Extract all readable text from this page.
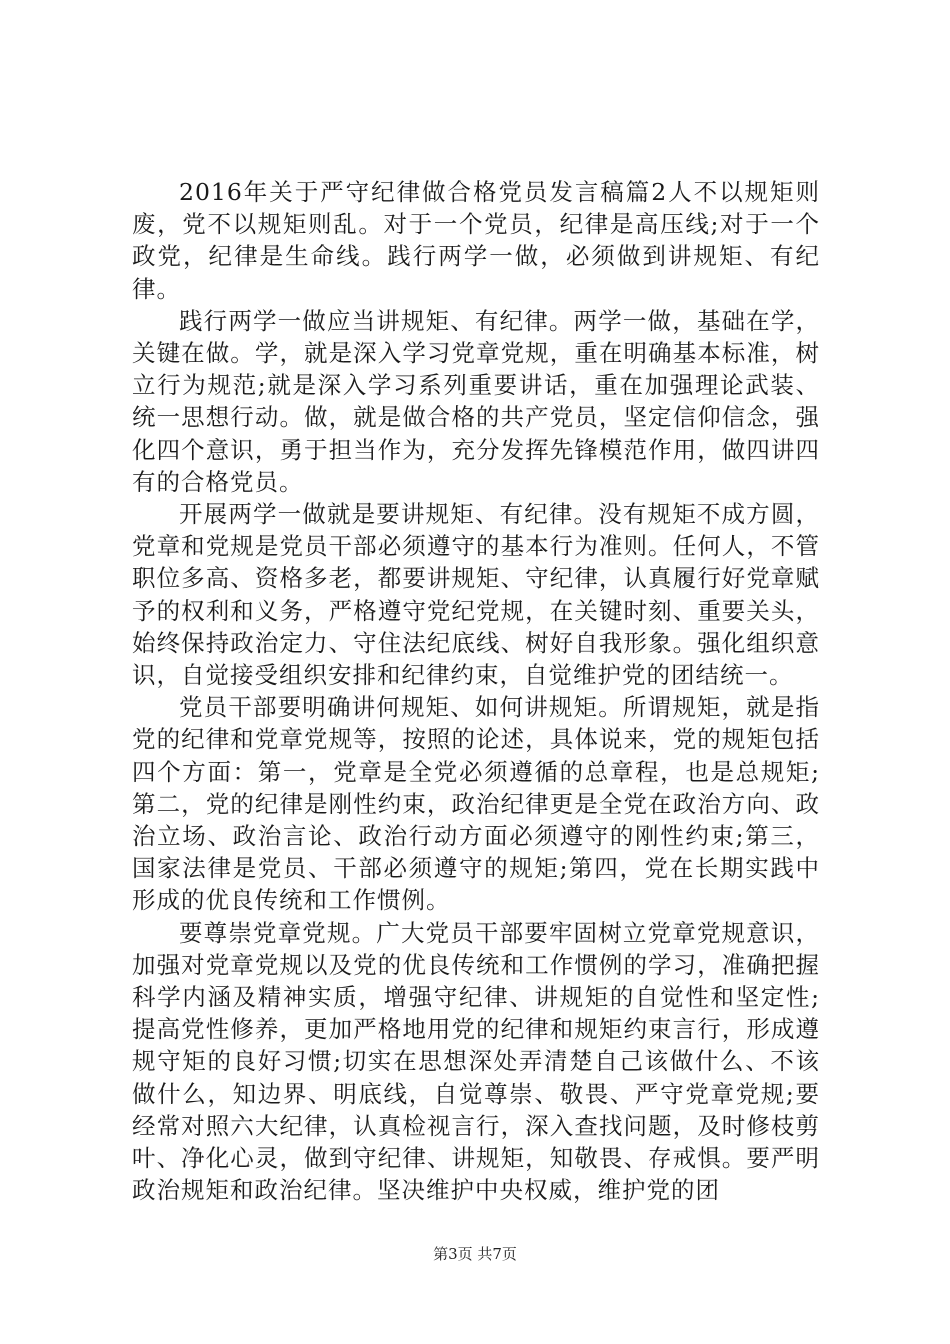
2016年关于严守纪律做合格党员发言稿篇2人不以规矩则废，党不以规矩则乱。对于一个党员，纪律是高压线;对于一个政党，纪律是生命线。践行两学一做，必须做到讲规矩、有纪律。

践行两学一做应当讲规矩、有纪律。两学一做，基础在学，关键在做。学，就是深入学习党章党规，重在明确基本标准，树立行为规范;就是深入学习系列重要讲话，重在加强理论武装、统一思想行动。做，就是做合格的共产党员，坚定信仰信念，强化四个意识，勇于担当作为，充分发挥先锋模范作用，做四讲四有的合格党员。

开展两学一做就是要讲规矩、有纪律。没有规矩不成方圆，党章和党规是党员干部必须遵守的基本行为准则。任何人，不管职位多高、资格多老，都要讲规矩、守纪律，认真履行好党章赋予的权利和义务，严格遵守党纪党规，在关键时刻、重要关头，始终保持政治定力、守住法纪底线、树好自我形象。强化组织意识，自觉接受组织安排和纪律约束，自觉维护党的团结统一。

党员干部要明确讲何规矩、如何讲规矩。所谓规矩，就是指党的纪律和党章党规等，按照的论述，具体说来，党的规矩包括四个方面：第一，党章是全党必须遵循的总章程，也是总规矩;第二，党的纪律是刚性约束，政治纪律更是全党在政治方向、政治立场、政治言论、政治行动方面必须遵守的刚性约束;第三，国家法律是党员、干部必须遵守的规矩;第四，党在长期实践中形成的优良传统和工作惯例。

要尊崇党章党规。广大党员干部要牢固树立党章党规意识，加强对党章党规以及党的优良传统和工作惯例的学习，准确把握科学内涵及精神实质，增强守纪律、讲规矩的自觉性和坚定性;提高党性修养，更加严格地用党的纪律和规矩约束言行，形成遵规守矩的良好习惯;切实在思想深处弄清楚自己该做什么、不该做什么，知边界、明底线，自觉尊崇、敬畏、严守党章党规;要经常对照六大纪律，认真检视言行，深入查找问题，及时修枝剪叶、净化心灵，做到守纪律、讲规矩，知敬畏、存戒惧。要严明政治规矩和政治纪律。坚决维护中央权威，维护党的团

第3页 共7页
